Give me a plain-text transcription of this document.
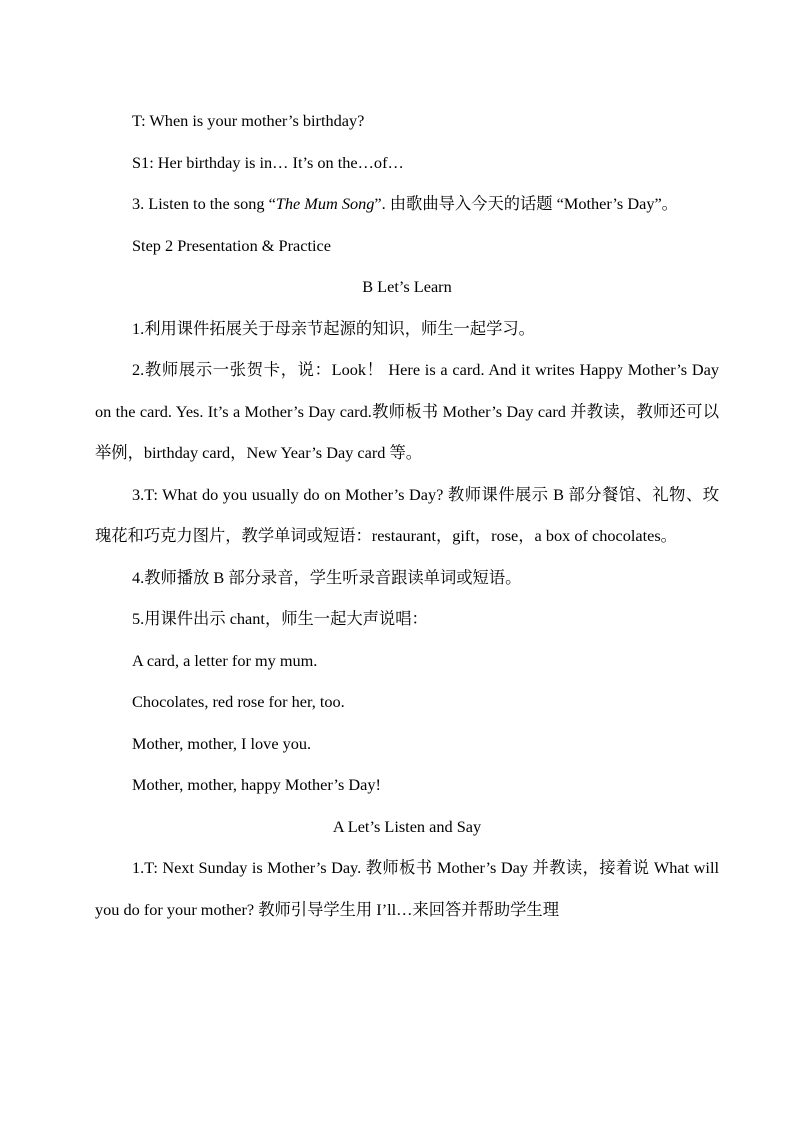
T: When is your mother’s birthday?

S1: Her birthday is in… It’s on the…of…

3. Listen to the song “The Mum Song”. 由歌曲导入今天的话题 “Mother’s Day”。

Step 2 Presentation & Practice

B Let’s Learn

1.利用课件拓展关于母亲节起源的知识，师生一起学习。

2.教师展示一张贺卡，说：Look！ Here is a card. And it writes Happy Mother’s Day on the card. Yes. It’s a Mother’s Day card.教师板书 Mother’s Day card 并教读，教师还可以举例，birthday card，New Year’s Day card 等。

3.T: What do you usually do on Mother’s Day? 教师课件展示 B 部分餐馆、礼物、玫瑰花和巧克力图片，教学单词或短语：restaurant，gift，rose，a box of chocolates。

4.教师播放 B 部分录音，学生听录音跟读单词或短语。

5.用课件出示 chant，师生一起大声说唱：

A card, a letter for my mum.

Chocolates, red rose for her, too.

Mother, mother, I love you.

Mother, mother, happy Mother’s Day!

A Let’s Listen and Say

1.T: Next Sunday is Mother’s Day. 教师板书 Mother’s Day 并教读，接着说 What will you do for your mother? 教师引导学生用 I’ll…来回答并帮助学生理
